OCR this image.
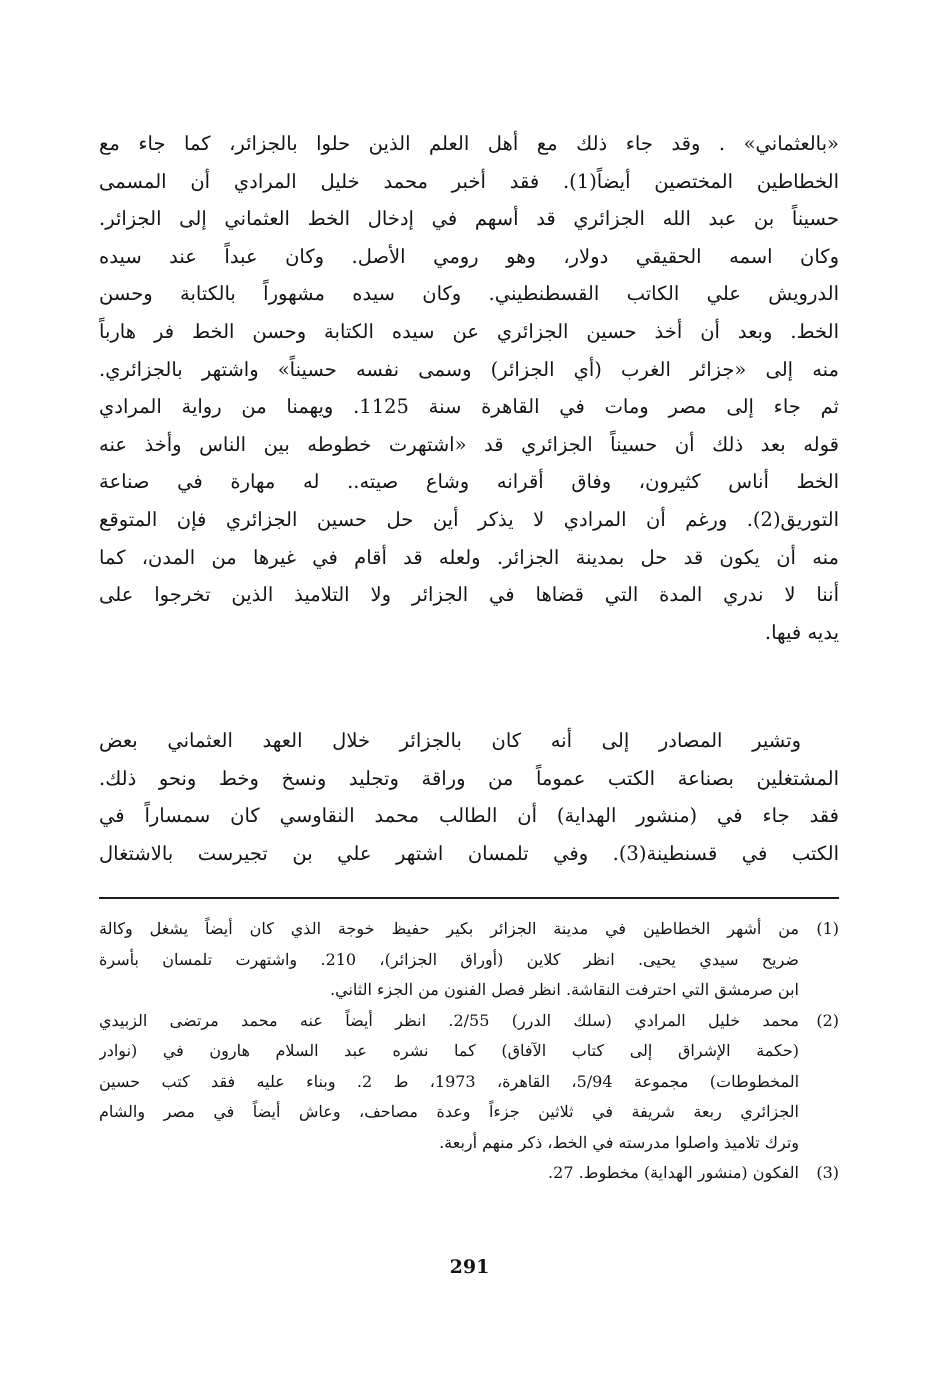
«بالعثماني» . وقد جاء ذلك مع أهل العلم الذين حلوا بالجزائر، كما جاء مع
الخطاطين المختصين أيضاً(1). فقد أخبر محمد خليل المرادي أن المسمى
حسيناً بن عبد الله الجزائري قد أسهم في إدخال الخط العثماني إلى الجزائر.
وكان اسمه الحقيقي دولار، وهو رومي الأصل. وكان عبداً عند سيده
الدرويش علي الكاتب القسطنطيني. وكان سيده مشهوراً بالكتابة وحسن
الخط. وبعد أن أخذ حسين الجزائري عن سيده الكتابة وحسن الخط فر هارباً
منه إلى «جزائر الغرب (أي الجزائر) وسمى نفسه حسيناً» واشتهر بالجزائري.
ثم جاء إلى مصر ومات في القاهرة سنة 1125. ويهمنا من رواية المرادي
قوله بعد ذلك أن حسيناً الجزائري قد «اشتهرت خطوطه بين الناس وأخذ عنه
الخط أناس كثيرون، وفاق أقرانه وشاع صيته.. له مهارة في صناعة
التوريق(2). ورغم أن المرادي لا يذكر أين حل حسين الجزائري فإن المتوقع
منه أن يكون قد حل بمدينة الجزائر. ولعله قد أقام في غيرها من المدن، كما
أننا لا ندري المدة التي قضاها في الجزائر ولا التلاميذ الذين تخرجوا على
يديه فيها.
وتشير المصادر إلى أنه كان بالجزائر خلال العهد العثماني بعض
المشتغلين بصناعة الكتب عموماً من وراقة وتجليد ونسخ وخط ونحو ذلك.
فقد جاء في (منشور الهداية) أن الطالب محمد النقاوسي كان سمساراً في
الكتب في قسنطينة(3). وفي تلمسان اشتهر علي بن تجيرست بالاشتغال
(1)
من أشهر الخطاطين في مدينة الجزائر بكير حفيظ خوجة الذي كان أيضاً يشغل وكالة
ضريح سيدي يحيى. انظر كلاين (أوراق الجزائر)، 210. واشتهرت تلمسان بأسرة
ابن صرمشق التي احترفت النقاشة. انظر فصل الفنون من الجزء الثاني.
(2)
محمد خليل المرادي (سلك الدرر) 2/55. انظر أيضاً عنه محمد مرتضى الزبيدي
(حكمة الإشراق إلى كتاب الآفاق) كما نشره عبد السلام هارون في (نوادر
المخطوطات) مجموعة 5/94، القاهرة، 1973، ط 2. وبناء عليه فقد كتب حسين
الجزائري ربعة شريفة في ثلاثين جزءاً وعدة مصاحف، وعاش أيضاً في مصر والشام
وترك تلاميذ واصلوا مدرسته في الخط، ذكر منهم أربعة.
(3)
الفكون (منشور الهداية) مخطوط. 27.
291
